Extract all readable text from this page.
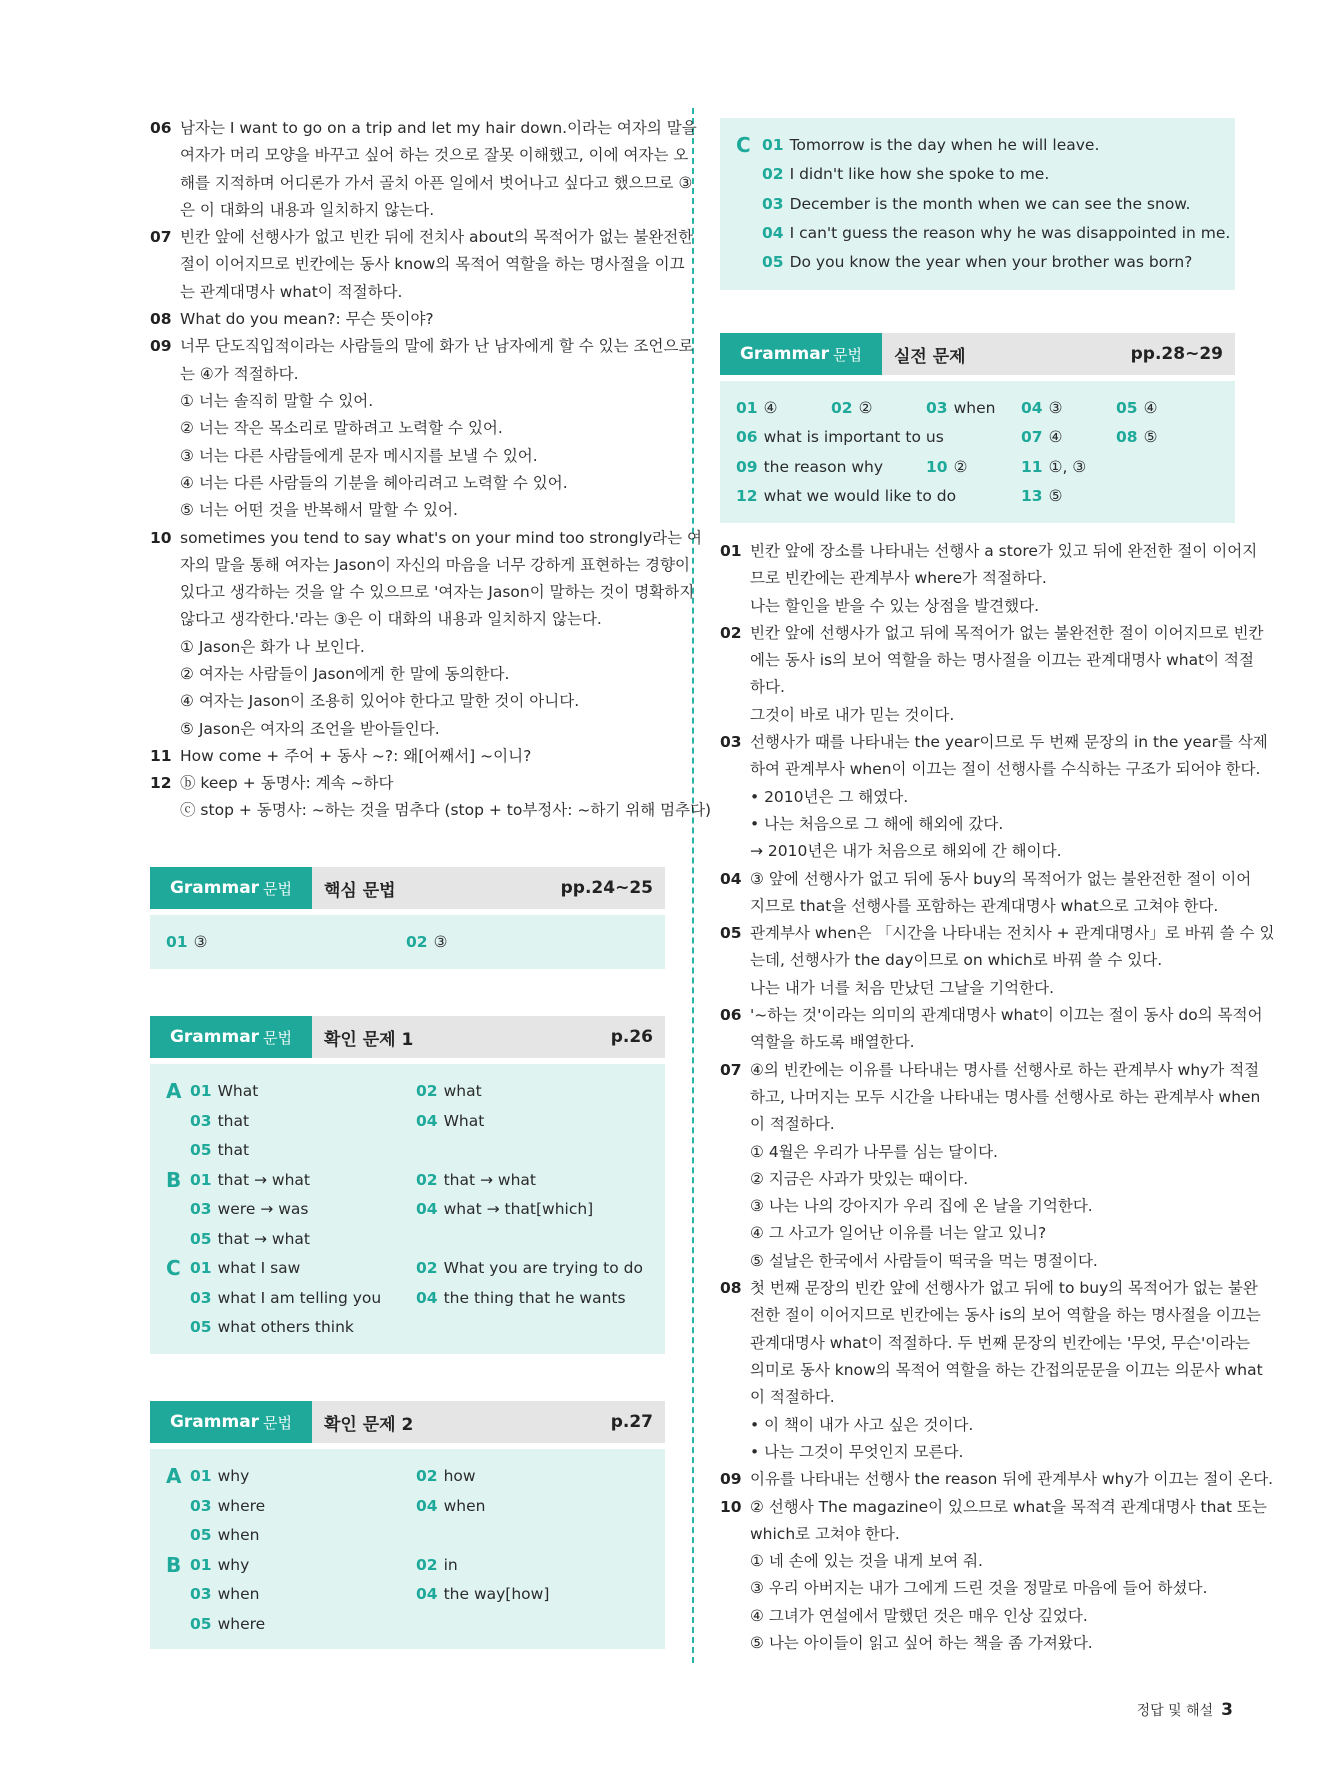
06 남자는 I want to go on a trip and let my hair down.이라는 여자의 말을

여자가 머리 모양을 바꾸고 싶어 하는 것으로 잘못 이해했고, 이에 여자는 오

해를 지적하며 어디론가 가서 골치 아픈 일에서 벗어나고 싶다고 했으므로 ③

은 이 대화의 내용과 일치하지 않는다.

07 빈칸 앞에 선행사가 없고 빈칸 뒤에 전치사 about의 목적어가 없는 불완전한

절이 이어지므로 빈칸에는 동사 know의 목적어 역할을 하는 명사절을 이끄

는 관계대명사 what이 적절하다.

08 What do you mean?: 무슨 뜻이야?

09 너무 단도직입적이라는 사람들의 말에 화가 난 남자에게 할 수 있는 조언으로

는 ④가 적절하다.

① 너는 솔직히 말할 수 있어.

② 너는 작은 목소리로 말하려고 노력할 수 있어.

③ 너는 다른 사람들에게 문자 메시지를 보낼 수 있어.

④ 너는 다른 사람들의 기분을 헤아리려고 노력할 수 있어.

⑤ 너는 어떤 것을 반복해서 말할 수 있어.

10 sometimes you tend to say what's on your mind too strongly라는 여

자의 말을 통해 여자는 Jason이 자신의 마음을 너무 강하게 표현하는 경향이

있다고 생각하는 것을 알 수 있으므로 '여자는 Jason이 말하는 것이 명확하지

않다고 생각한다.'라는 ③은 이 대화의 내용과 일치하지 않는다.

① Jason은 화가 나 보인다.

② 여자는 사람들이 Jason에게 한 말에 동의한다.

④ 여자는 Jason이 조용히 있어야 한다고 말한 것이 아니다.

⑤ Jason은 여자의 조언을 받아들인다.

11 How come + 주어 + 동사 ~?: 왜[어째서] ~이니?

12 ⓑ keep + 동명사: 계속 ~하다

ⓒ stop + 동명사: ~하는 것을 멈추다 (stop + to부정사: ~하기 위해 멈추다)

Grammar 문법 핵심 문법	pp.24~25
01 ③	02 ③
Grammar 문법 확인 문제 1	p.26
A 01 What	02 what
03 that	04 What
05 that
B 01 that → what	02 that → what
03 were → was	04 what → that[which]
05 that → what
C 01 what I saw	02 What you are trying to do
03 what I am telling you 04 the thing that he wants
05 what others think
Grammar 문법 확인 문제 2	p.27
A 01 why	02 how
03 where	04 when
05 when
B 01 why	02 in
03 when	04 the way[how]
05 where
C 01 Tomorrow is the day when he will leave.
02 I didn't like how she spoke to me.
03 December is the month when we can see the snow.
04 I can't guess the reason why he was disappointed in me.
05 Do you know the year when your brother was born?
Grammar 문법 실전 문제	pp.28~29
01 ④	02 ②	03 when 04 ③	05 ④
06 what is important to us	07 ④	08 ⑤
09 the reason why	10 ②	11 ①, ③
12 what we would like to do	13 ⑤
01 빈칸 앞에 장소를 나타내는 선행사 a store가 있고 뒤에 완전한 절이 이어지

므로 빈칸에는 관계부사 where가 적절하다.

나는 할인을 받을 수 있는 상점을 발견했다.

02 빈칸 앞에 선행사가 없고 뒤에 목적어가 없는 불완전한 절이 이어지므로 빈칸

에는 동사 is의 보어 역할을 하는 명사절을 이끄는 관계대명사 what이 적절

하다.

그것이 바로 내가 믿는 것이다.

03 선행사가 때를 나타내는 the year이므로 두 번째 문장의 in the year를 삭제

하여 관계부사 when이 이끄는 절이 선행사를 수식하는 구조가 되어야 한다.

• 2010년은 그 해였다.

• 나는 처음으로 그 해에 해외에 갔다.

→ 2010년은 내가 처음으로 해외에 간 해이다.

04 ③ 앞에 선행사가 없고 뒤에 동사 buy의 목적어가 없는 불완전한 절이 이어

지므로 that을 선행사를 포함하는 관계대명사 what으로 고쳐야 한다.

05 관계부사 when은 「시간을 나타내는 전치사 + 관계대명사」로 바꿔 쓸 수 있

는데, 선행사가 the day이므로 on which로 바꿔 쓸 수 있다.

나는 내가 너를 처음 만났던 그날을 기억한다.

06 '~하는 것'이라는 의미의 관계대명사 what이 이끄는 절이 동사 do의 목적어

역할을 하도록 배열한다.

07 ④의 빈칸에는 이유를 나타내는 명사를 선행사로 하는 관계부사 why가 적절

하고, 나머지는 모두 시간을 나타내는 명사를 선행사로 하는 관계부사 when

이 적절하다.

① 4월은 우리가 나무를 심는 달이다.

② 지금은 사과가 맛있는 때이다.

③ 나는 나의 강아지가 우리 집에 온 날을 기억한다.

④ 그 사고가 일어난 이유를 너는 알고 있니?

⑤ 설날은 한국에서 사람들이 떡국을 먹는 명절이다.

08 첫 번째 문장의 빈칸 앞에 선행사가 없고 뒤에 to buy의 목적어가 없는 불완

전한 절이 이어지므로 빈칸에는 동사 is의 보어 역할을 하는 명사절을 이끄는

관계대명사 what이 적절하다. 두 번째 문장의 빈칸에는 '무엇, 무슨'이라는

의미로 동사 know의 목적어 역할을 하는 간접의문문을 이끄는 의문사 what

이 적절하다.

• 이 책이 내가 사고 싶은 것이다.

• 나는 그것이 무엇인지 모른다.

09 이유를 나타내는 선행사 the reason 뒤에 관계부사 why가 이끄는 절이 온다.

10 ② 선행사 The magazine이 있으므로 what을 목적격 관계대명사 that 또는

which로 고쳐야 한다.

① 네 손에 있는 것을 내게 보여 줘.

③ 우리 아버지는 내가 그에게 드린 것을 정말로 마음에 들어 하셨다.

④ 그녀가 연설에서 말했던 것은 매우 인상 깊었다.

⑤ 나는 아이들이 읽고 싶어 하는 책을 좀 가져왔다.

정답 및 해설 3
